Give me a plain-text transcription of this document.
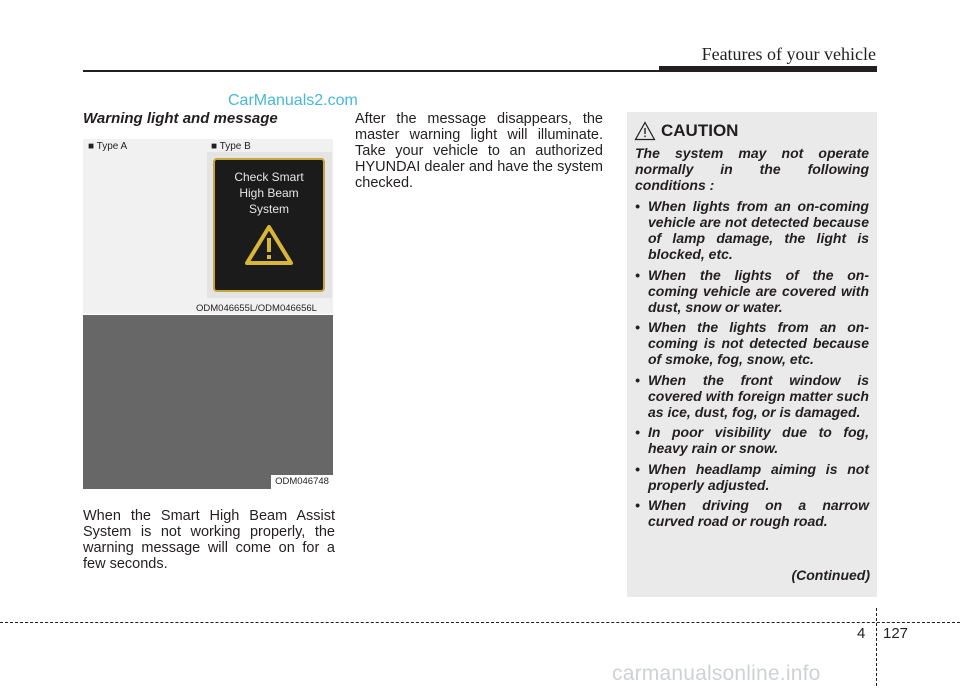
Features of your vehicle
CarManuals2.com
Warning light and message
■ Type A	■ Type B
Check Smart
High Beam
System
ODM046655L/ODM046656L
ODM046748
When the Smart High Beam Assist System is not working properly, the warning message will come on for a few seconds.
After the message disappears, the master warning light will illuminate. Take your vehicle to an authorized HYUNDAI dealer and have the system checked.
CAUTION
The system may not operate normally in the following conditions :
• When lights from an on-coming vehicle are not detected because of lamp damage, the light is blocked, etc.
• When the lights of the on-coming vehicle are covered with dust, snow or water.
• When the lights from an on-coming is not detected because of smoke, fog, snow, etc.
• When the front window is covered with foreign matter such as ice, dust, fog, or is damaged.
• In poor visibility due to fog, heavy rain or snow.
• When headlamp aiming is not properly adjusted.
• When driving on a narrow curved road or rough road.
(Continued)
4 127
carmanualsonline.info
